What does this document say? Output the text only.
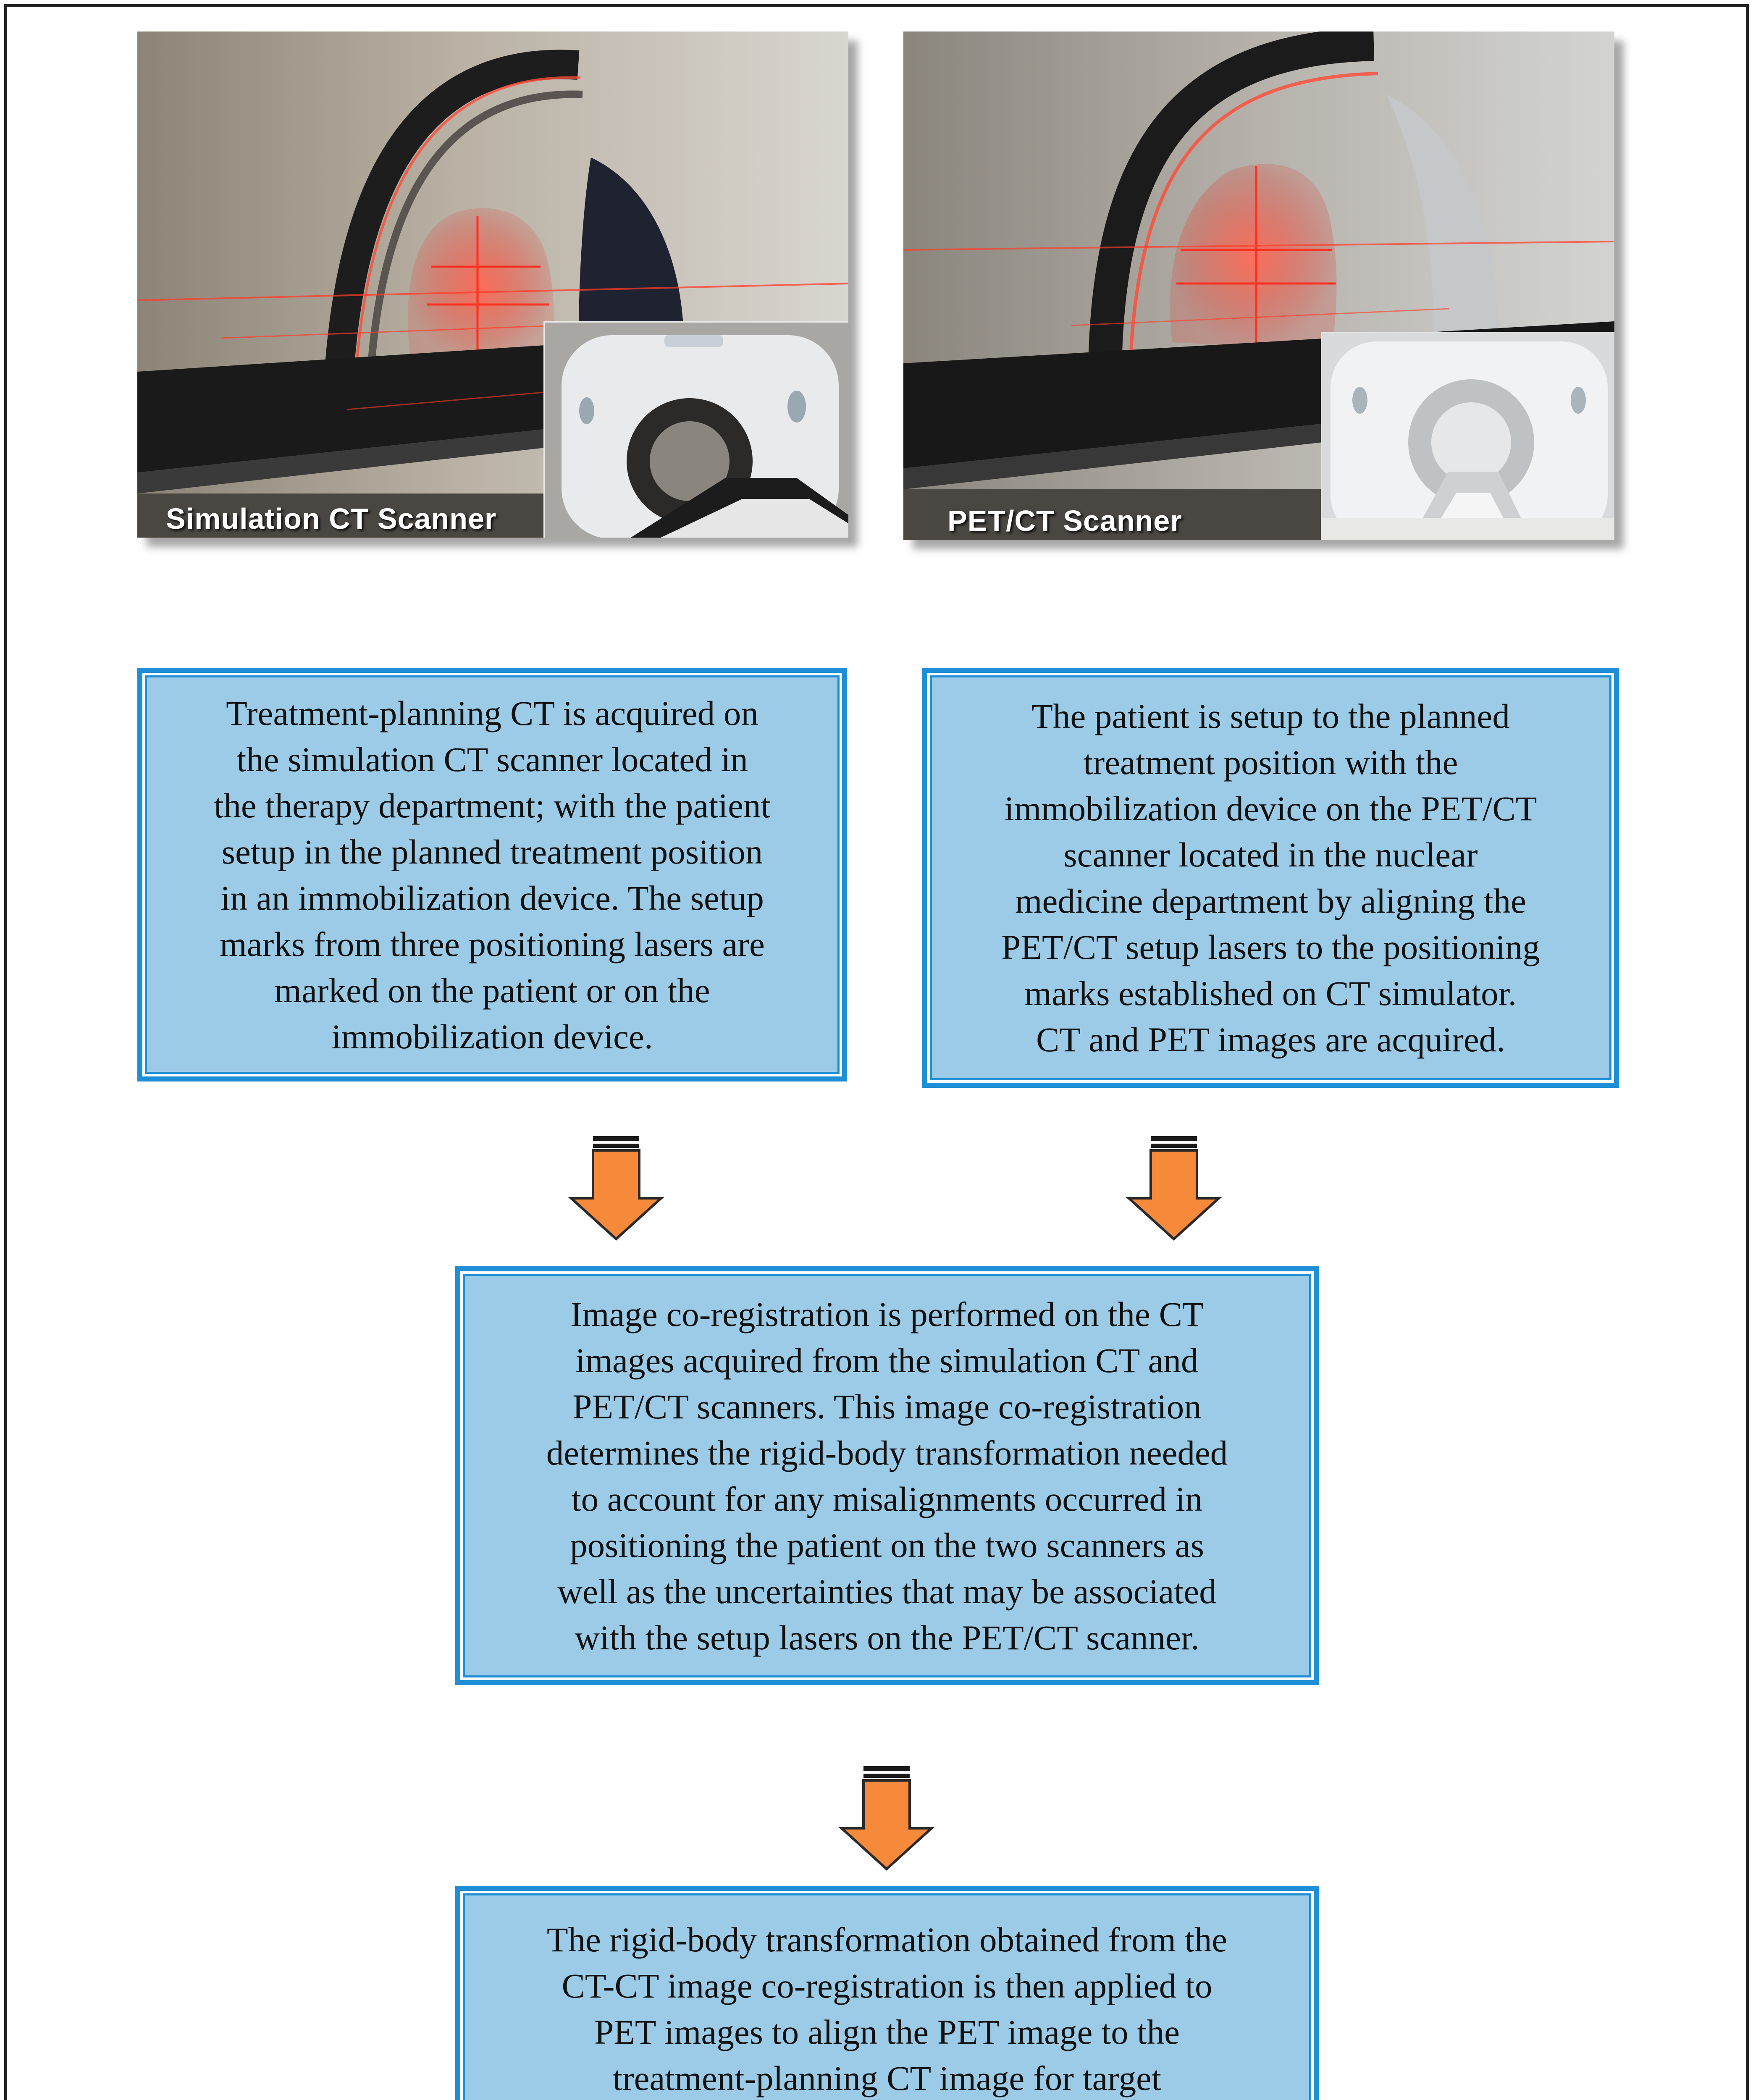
Simulation CT Scanner	PET/CT Scanner
Treatment-planning CT is acquired on
the simulation CT scanner located in
the therapy department; with the patient
setup in the planned treatment position
in an immobilization device. The setup
marks from three positioning lasers are
marked on the patient or on the
immobilization device.
The patient is setup to the planned
treatment position with the
immobilization device on the PET/CT
scanner located in the nuclear
medicine department by aligning the
PET/CT setup lasers to the positioning
marks established on CT simulator.
CT and PET images are acquired.
Image co-registration is performed on the CT
images acquired from the simulation CT and
PET/CT scanners. This image co-registration
determines the rigid-body transformation needed
to account for any misalignments occurred in
positioning the patient on the two scanners as
well as the uncertainties that may be associated
with the setup lasers on the PET/CT scanner.
The rigid-body transformation obtained from the
CT-CT image co-registration is then applied to
PET images to align the PET image to the
treatment-planning CT image for target
